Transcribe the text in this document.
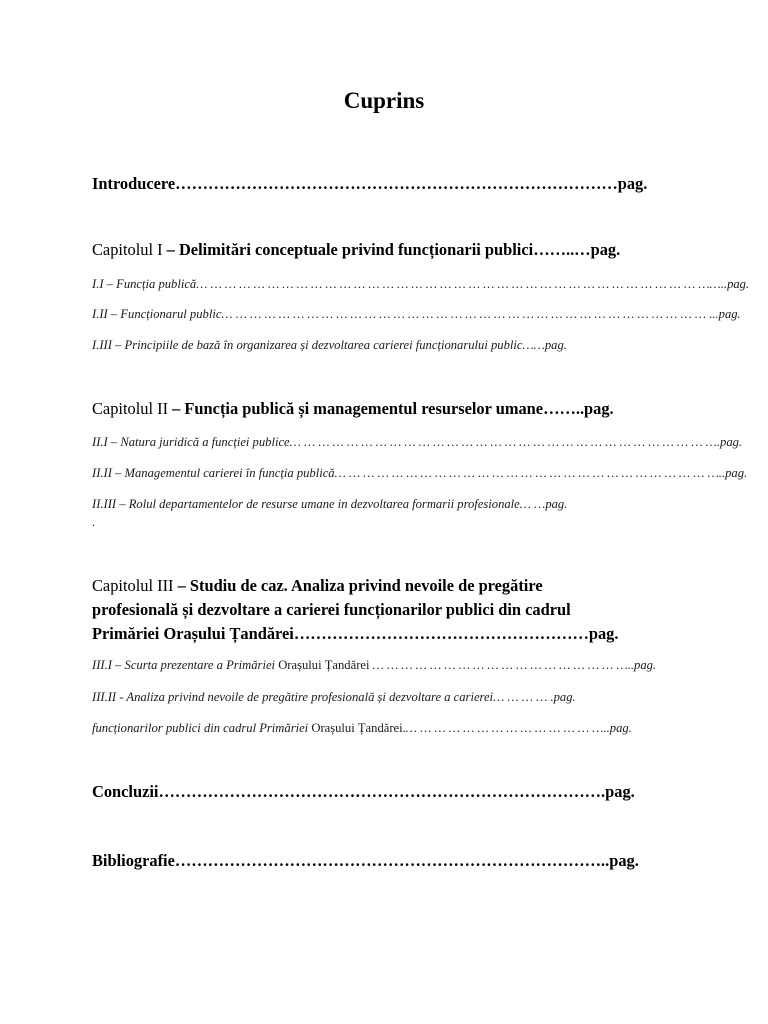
Cuprins
Introducere………………………………………………………………………pag.
Capitolul I – Delimitări conceptuale privind funcționarii publici……..…pag.
I.I – Funcția publică… … … … … … … … … … … … … … … … … … … … … … … … … … … … … … … … … … … ……..pag.
I.II – Funcționarul public… … … … … … … … … … … … … … … … … … … … … … … … … … … … … … … … … … ...pag.
I.III – Principiile de bază în organizarea și dezvoltarea carierei funcționarului public……pag.
Capitolul II – Funcția publică și managementul resurselor umane……..pag.
II.I – Natura juridică a funcției publice… … … … … … … … … … … … … … … … … … … … … … … … … … … … … ….pag.
II.II – Managementul carierei în funcția publică… … … … … … … … … … … … … … … … … … … … … … … … … … …..pag.
II.III – Rolul departamentelor de resurse umane in dezvoltarea formarii profesionale… …pag.
.
Capitolul III – Studiu de caz. Analiza privind nevoile de pregătire
profesională și dezvoltare a carierei funcționarilor publici din cadrul
Primăriei Orașului Țandărei………………………………………………pag.
III.I – Scurta prezentare a Primăriei Orașului Țandărei … … … … … … … … … … … … … … … … … …..pag.
III.II - Analiza privind nevoile de pregătire profesională și dezvoltare a carierei… … … … .pag.
funcționarilor publici din cadrul Primăriei Orașului Țandărei.… … … … … … … … … … … … … …..pag.
Concluzii……………………………………………………………………….pag.
Bibliografie……………………………………………………………………..pag.
